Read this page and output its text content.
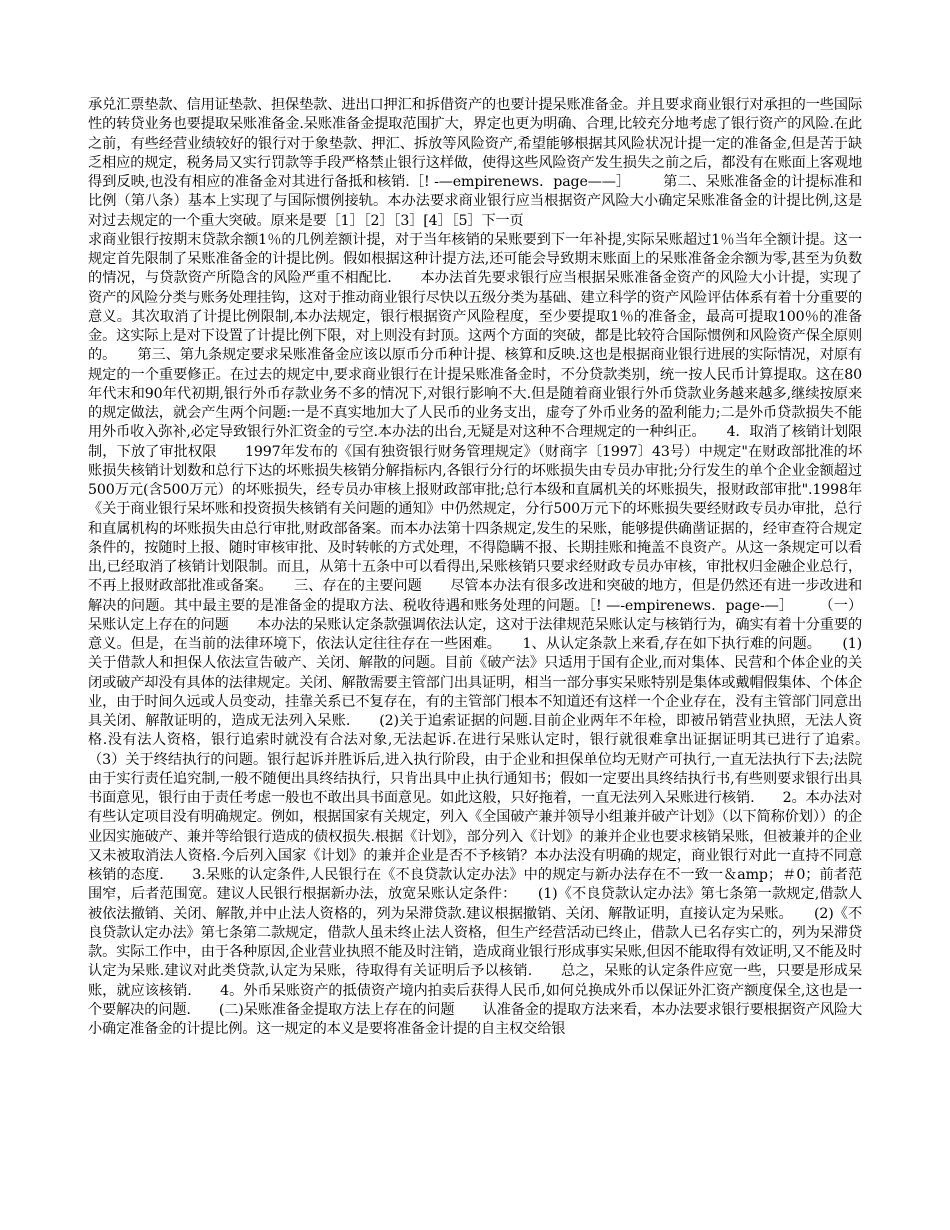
承兑汇票垫款、信用证垫款、担保垫款、进出口押汇和拆借资产的也要计提呆账准备金。并且要求商业银行对承担的一些国际性的转贷业务也要提取呆账准备金.呆账准备金提取范围扩大，界定也更为明确、合理,比较充分地考虑了银行资产的风险.在此之前，有些经营业绩较好的银行对于象垫款、押汇、拆放等风险资产,希望能够根据其风险状况计提一定的准备金,但是苦于缺乏相应的规定，税务局又实行罚款等手段严格禁止银行这样做，使得这些风险资产发生损失之前之后，都没有在账面上客观地得到反映,也没有相应的准备金对其进行备抵和核销.［! -—empirenews．page——］ 　　第二、呆账准备金的计提标准和比例（第八条）基本上实现了与国际惯例接轨。本办法要求商业银行应当根据资产风险大小确定呆账准备金的计提比例,这是对过去规定的一个重大突破。原来是要［1］［2］［3］[4］［5］下一页

求商业银行按期末贷款余额1％的几例差额计提，对于当年核销的呆账要到下一年补提,实际呆账超过1％当年全额计提。这一规定首先限制了呆账准备金的计提比例。假如根据这种计提方法,还可能会导致期末账面上的呆账准备金余额为零,甚至为负数的情况，与贷款资产所隐含的风险严重不相配比.　　本办法首先要求银行应当根据呆账准备金资产的风险大小计提，实现了资产的风险分类与账务处理挂钩，这对于推动商业银行尽快以五级分类为基础、建立科学的资产风险评估体系有着十分重要的意义。其次取消了计提比例限制,本办法规定，银行根据资产风险程度，至少要提取1％的准备金，最高可提取100％的准备金。这实际上是对下设置了计提比例下限，对上则没有封顶。这两个方面的突破，都是比较符合国际惯例和风险资产保全原则的。　　第三、第九条规定要求呆账准备金应该以原币分币种计提、核算和反映.这也是根据商业银行进展的实际情况，对原有规定的一个重要修正。在过去的规定中,要求商业银行在计提呆账准备金时，不分贷款类别，统一按人民币计算提取。这在80年代末和90年代初期,银行外币存款业务不多的情况下,对银行影响不大.但是随着商业银行外币贷款业务越来越多,继续按原来的规定做法，就会产生两个问题:一是不真实地加大了人民币的业务支出，虚夸了外币业务的盈利能力;二是外币贷款损失不能用外币收入弥补,必定导致银行外汇资金的亏空.本办法的出台,无疑是对这种不合理规定的一种纠正。　　4．取消了核销计划限制，下放了审批权限　　1997年发布的《国有独资银行财务管理规定》（财商字〔1997〕43号）中规定"在财政部批准的坏账损失核销计划数和总行下达的坏账损失核销分解指标内,各银行分行的坏账损失由专员办审批;分行发生的单个企业金额超过500万元(含500万元）的坏账损失，经专员办审核上报财政部审批;总行本级和直属机关的坏账损失，报财政部审批".1998年《关于商业银行呆坏账和投资损失核销有关问题的通知》中仍然规定，分行500万元下的坏账损失要经财政专员办审批，总行和直属机构的坏账损失由总行审批,财政部备案。而本办法第十四条规定,发生的呆账，能够提供确凿证据的，经审查符合规定条件的，按随时上报、随时审核审批、及时转帐的方式处理，不得隐瞒不报、长期挂账和掩盖不良资产。从这一条规定可以看出,已经取消了核销计划限制。而且，从第十五条中可以看得出,呆账核销只要求经财政专员办审核，审批权归金融企业总行，不再上报财政部批准或备案。　　三、存在的主要问题　　尽管本办法有很多改进和突破的地方，但是仍然还有进一步改进和解决的问题。其中最主要的是准备金的提取方法、税收待遇和账务处理的问题。［! —-empirenews．page-—］ 　　（一）呆账认定上存在的问题　　本办法的呆账认定条款强调依法认定，这对于法律规范呆账认定与核销行为，确实有着十分重要的意义。但是，在当前的法律环境下，依法认定往往存在一些困难。　　1、从认定条款上来看,存在如下执行难的问题。　　(1)关于借款人和担保人依法宣告破产、关闭、解散的问题。目前《破产法》只适用于国有企业,而对集体、民营和个体企业的关闭或破产却没有具体的法律规定。关闭、解散需要主管部门出具证明，相当一部分事实呆账特别是集体或戴帽假集体、个体企业，由于时间久远或人员变动，挂靠关系已不复存在，有的主管部门根本不知道还有这样一个企业存在，没有主管部门同意出具关闭、解散证明的，造成无法列入呆账.　　(2)关于追索证据的问题.目前企业两年不年检，即被吊销营业执照，无法人资格.没有法人资格，银行追索时就没有合法对象,无法起诉.在进行呆账认定时，银行就很难拿出证据证明其已进行了追索。　　（3）关于终结执行的问题。银行起诉并胜诉后,进入执行阶段，由于企业和担保单位均无财产可执行,一直无法执行下去;法院由于实行责任追究制,一般不随便出具终结执行，只肯出具中止执行通知书；假如一定要出具终结执行书,有些则要求银行出具书面意见，银行由于责任考虑一般也不敢出具书面意见。如此这般，只好拖着，一直无法列入呆账进行核销.　　2。本办法对有些认定项目没有明确规定。例如，根据国家有关规定，列入《全国破产兼并领导小组兼并破产计划》（以下简称价划））的企业因实施破产、兼并等给银行造成的债权损失.根据《计划》，部分列入《计划》的兼并企业也要求核销呆账，但被兼并的企业又未被取消法人资格.今后列入国家《计划》的兼并企业是否不予核销？本办法没有明确的规定，商业银行对此一直持不同意核销的态度.　　3.呆账的认定条件,人民银行在《不良贷款认定办法》中的规定与新办法存在不一致一＆amp；＃0；前者范围窄，后者范围宽。建议人民银行根据新办法，放宽呆账认定条件：　　(1)《不良贷款认定办法》第七条第一款规定,借款人被依法撤销、关闭、解散,并中止法人资格的，列为呆滞贷款.建议根据撤销、关闭、解散证明，直接认定为呆账。　　(2)《不良贷款认定办法》第七条第二款规定，借款人虽未终止法人资格，但生产经营活动已终止，借款人已名存实亡的，列为呆滞贷款。实际工作中，由于各种原因,企业营业执照不能及时注销，造成商业银行形成事实呆账,但因不能取得有效证明,又不能及时认定为呆账.建议对此类贷款,认定为呆账，待取得有关证明后予以核销.　　总之，呆账的认定条件应宽一些，只要是形成呆账，就应该核销.　　4。外币呆账资产的抵债资产境内拍卖后获得人民币,如何兑换成外币以保证外汇资产额度保全,这也是一个要解决的问题.　　(二)呆账准备金提取方法上存在的问题　　认准备金的提取方法来看，本办法要求银行要根据资产风险大小确定准备金的计提比例。这一规定的本义是要将准备金计提的自主权交给银
